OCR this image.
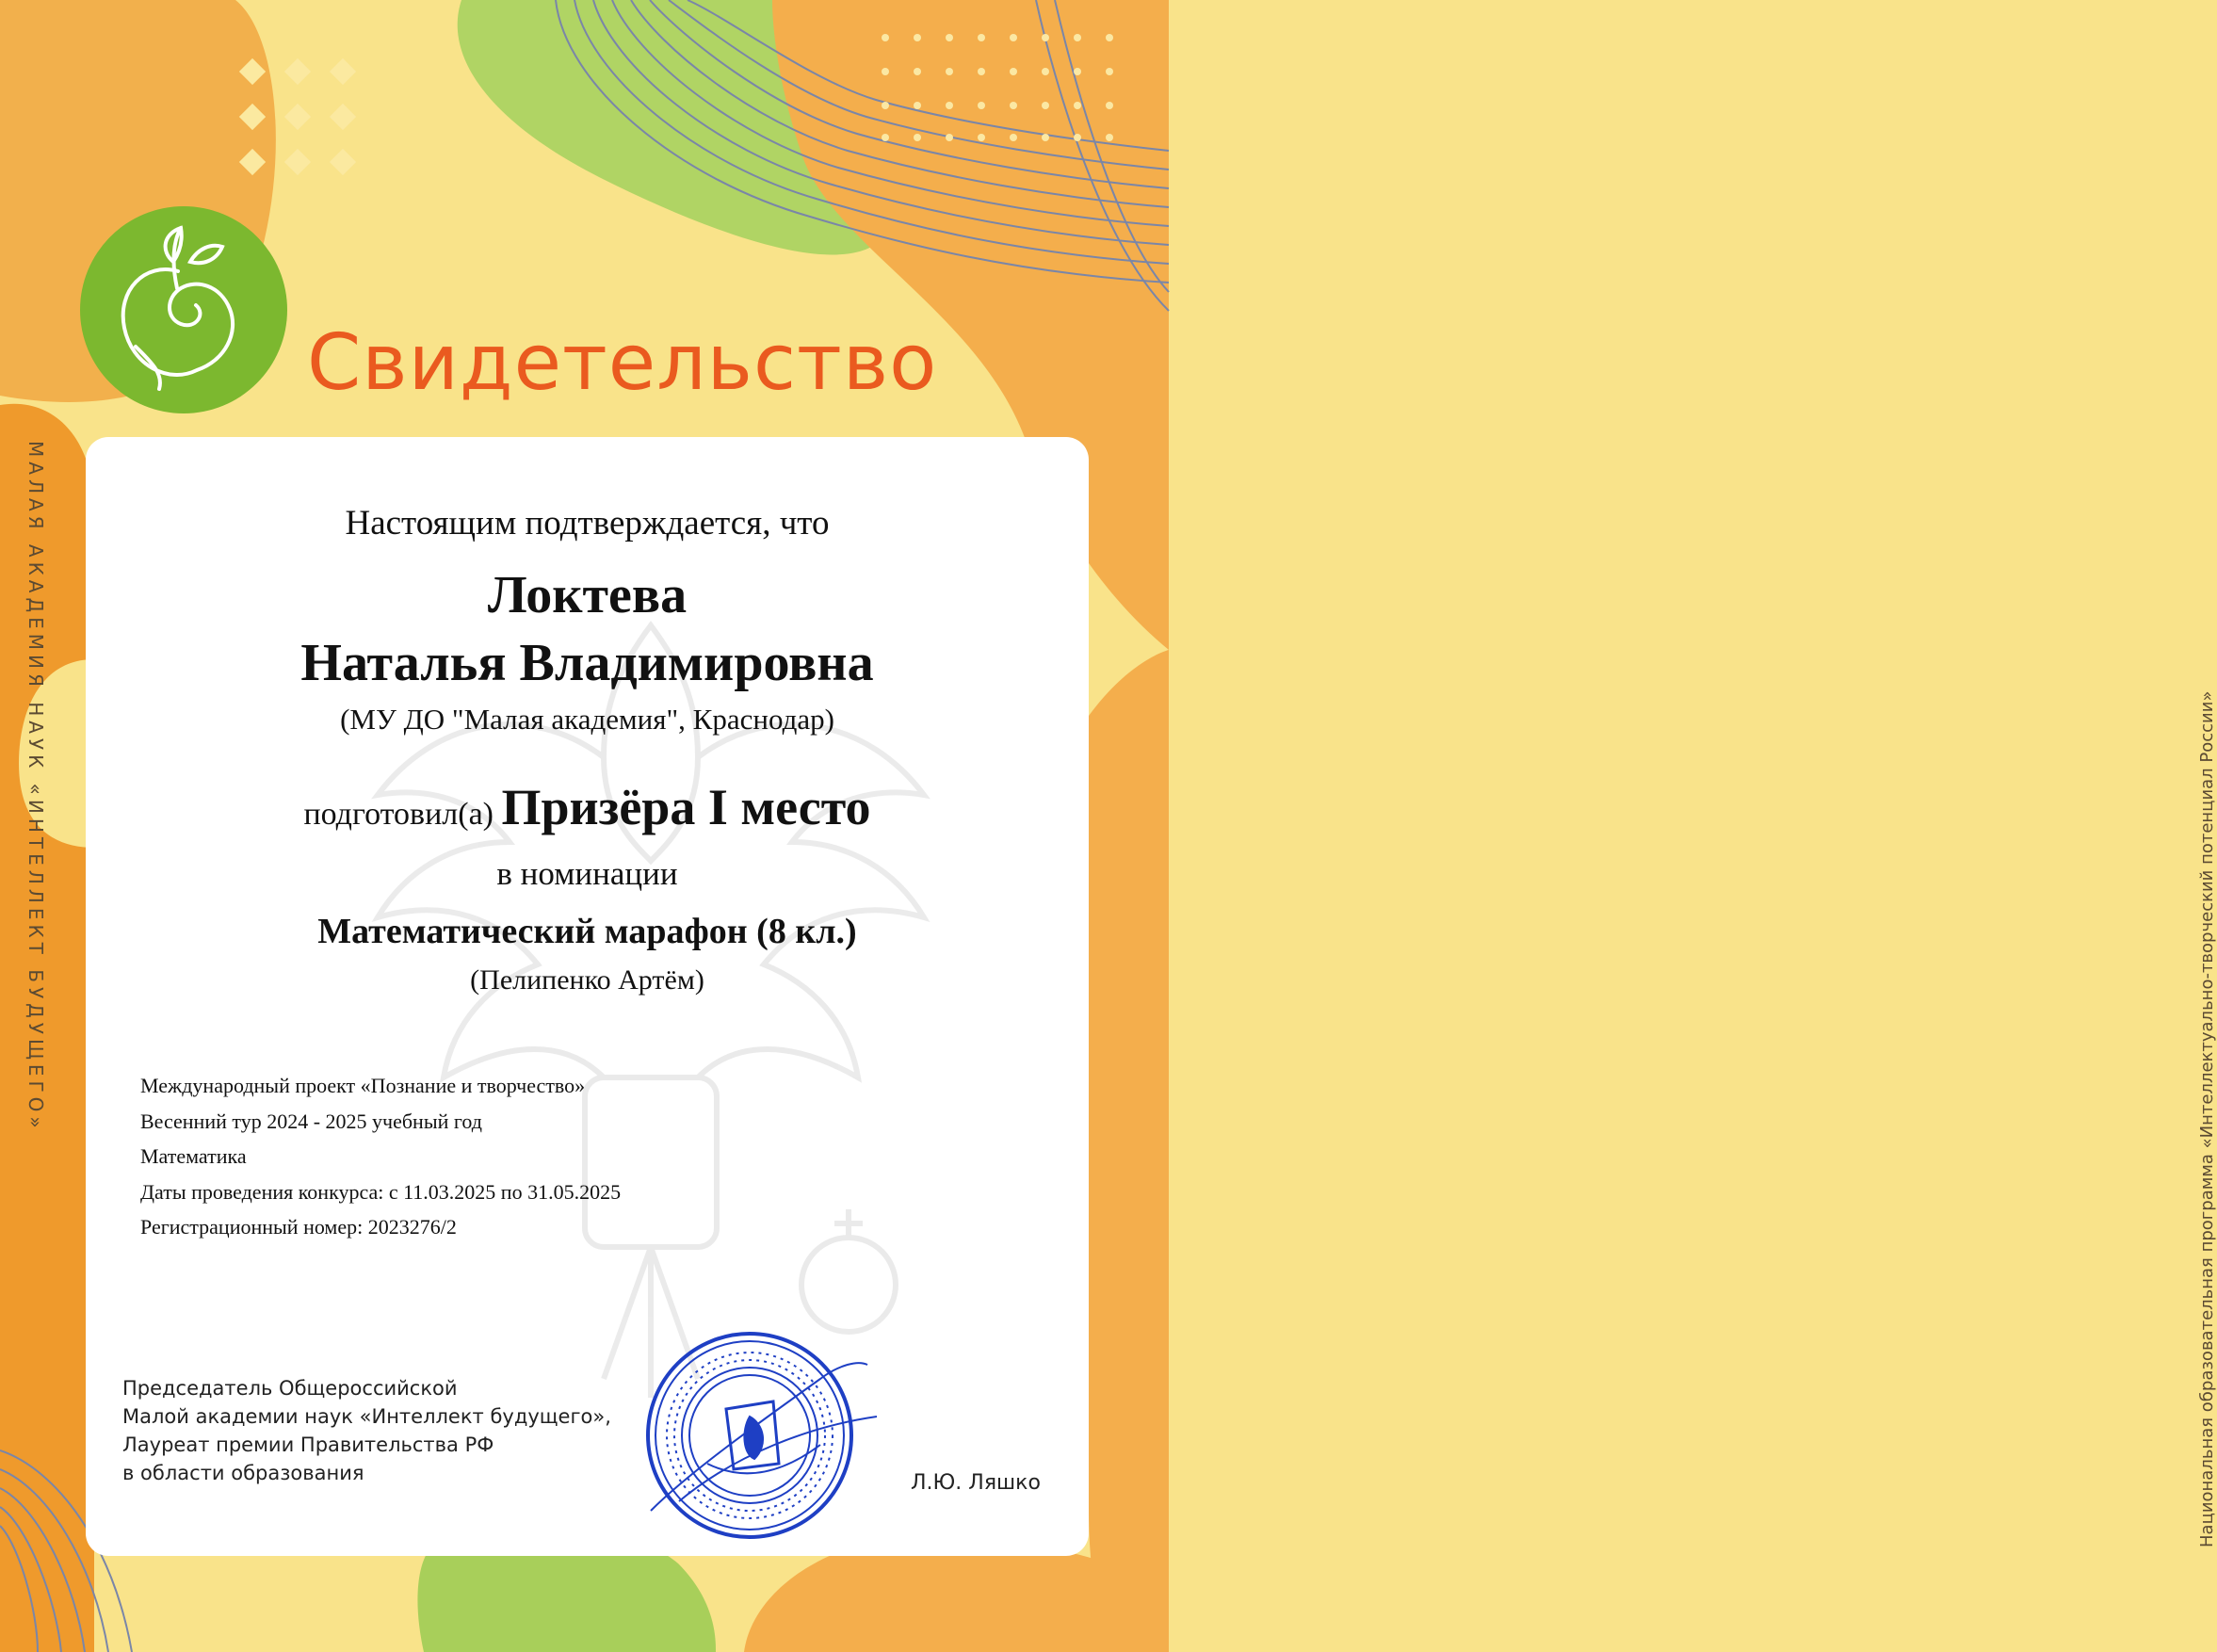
Свидетельство
МАЛАЯ АКАДЕМИЯ НАУК «ИНТЕЛЛЕКТ БУДУЩЕГО»	Национальная образовательная программа «Интеллектуально-творческий потенциал России»
Настоящим подтверждается, что
Локтева
Наталья Владимировна
(МУ ДО "Малая академия", Краснодар)
подготовил(а) Призёра I место
в номинации
Математический марафон (8 кл.)
(Пелипенко Артём)
Международный проект «Познание и творчество»
Весенний тур 2024 - 2025 учебный год
Математика
Даты проведения конкурса: с 11.03.2025 по 31.05.2025
Регистрационный номер: 2023276/2
Председатель Общероссийской
Малой академии наук «Интеллект будущего»,
Лауреат премии Правительства РФ
в области образования	Л.Ю. Ляшко
